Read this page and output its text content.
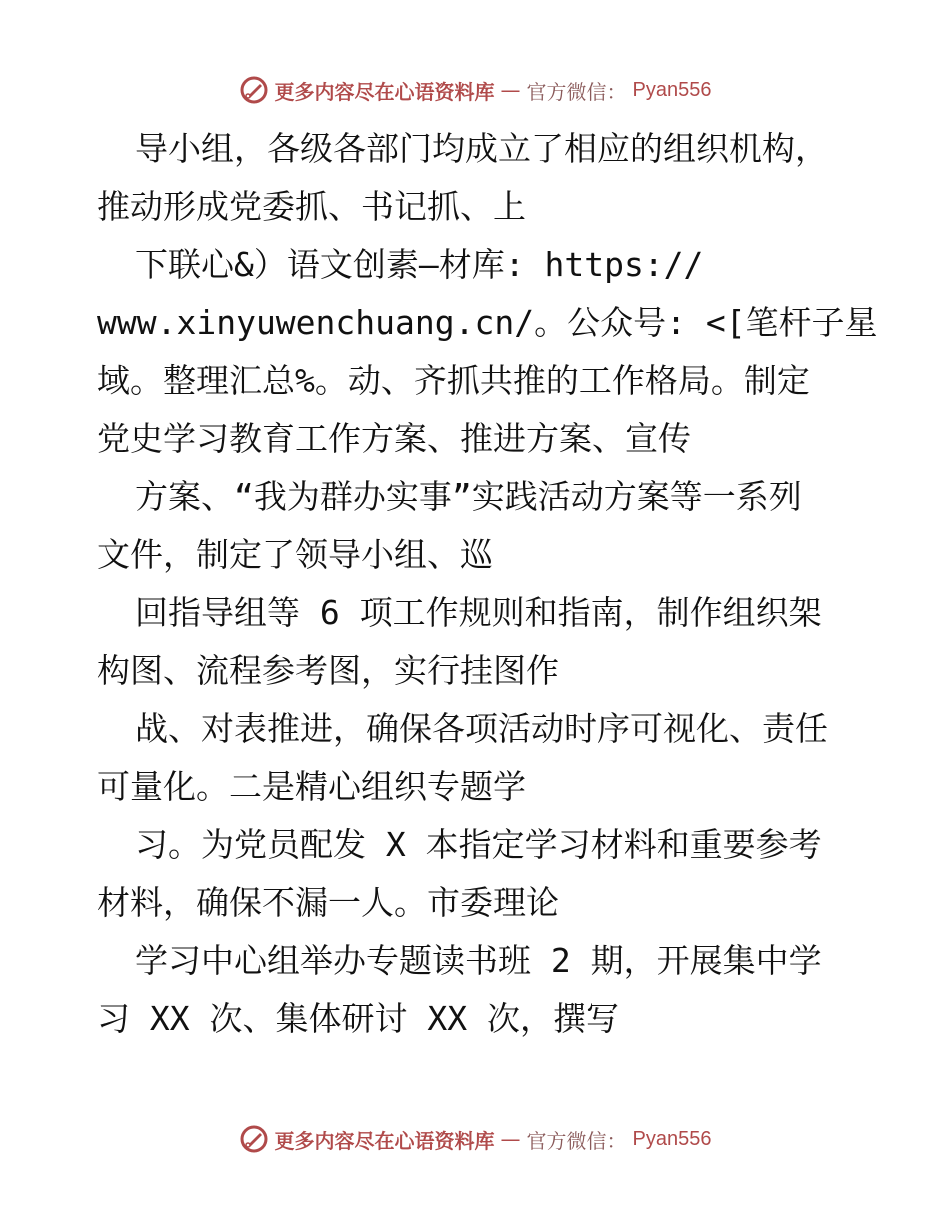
更多内容尽在心语资料库 — 官方微信： Pyan556
导小组，各级各部门均成立了相应的组织机构，
推动形成党委抓、书记抓、上
下联心&）语文创素—材库: https://
www.xinyuwenchuang.cn/。公众号: <[笔杆子星
域。整理汇总%。动、齐抓共推的工作格局。制定
党史学习教育工作方案、推进方案、宣传
方案、“我为群办实事”实践活动方案等一系列
文件，制定了领导小组、巡
回指导组等 6 项工作规则和指南，制作组织架
构图、流程参考图，实行挂图作
战、对表推进，确保各项活动时序可视化、责任
可量化。二是精心组织专题学
习。为党员配发 X 本指定学习材料和重要参考
材料，确保不漏一人。市委理论
学习中心组举办专题读书班 2 期，开展集中学
习 XX 次、集体研讨 XX 次，撰写
更多内容尽在心语资料库 — 官方微信： Pyan556
